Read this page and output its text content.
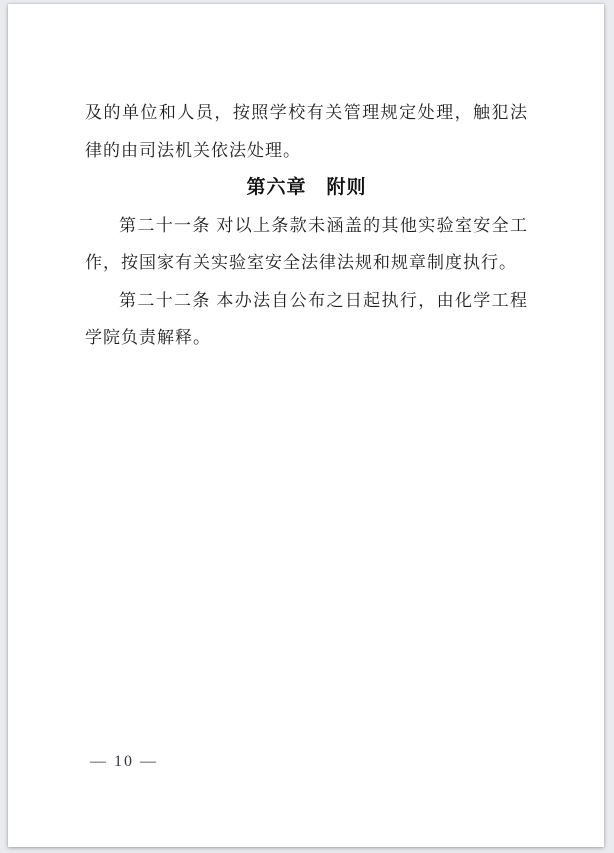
及的单位和人员，按照学校有关管理规定处理，触犯法律的由司法机关依法处理。

第六章　附则

第二十一条 对以上条款未涵盖的其他实验室安全工作，按国家有关实验室安全法律法规和规章制度执行。

第二十二条 本办法自公布之日起执行，由化学工程学院负责解释。

— 10 —
